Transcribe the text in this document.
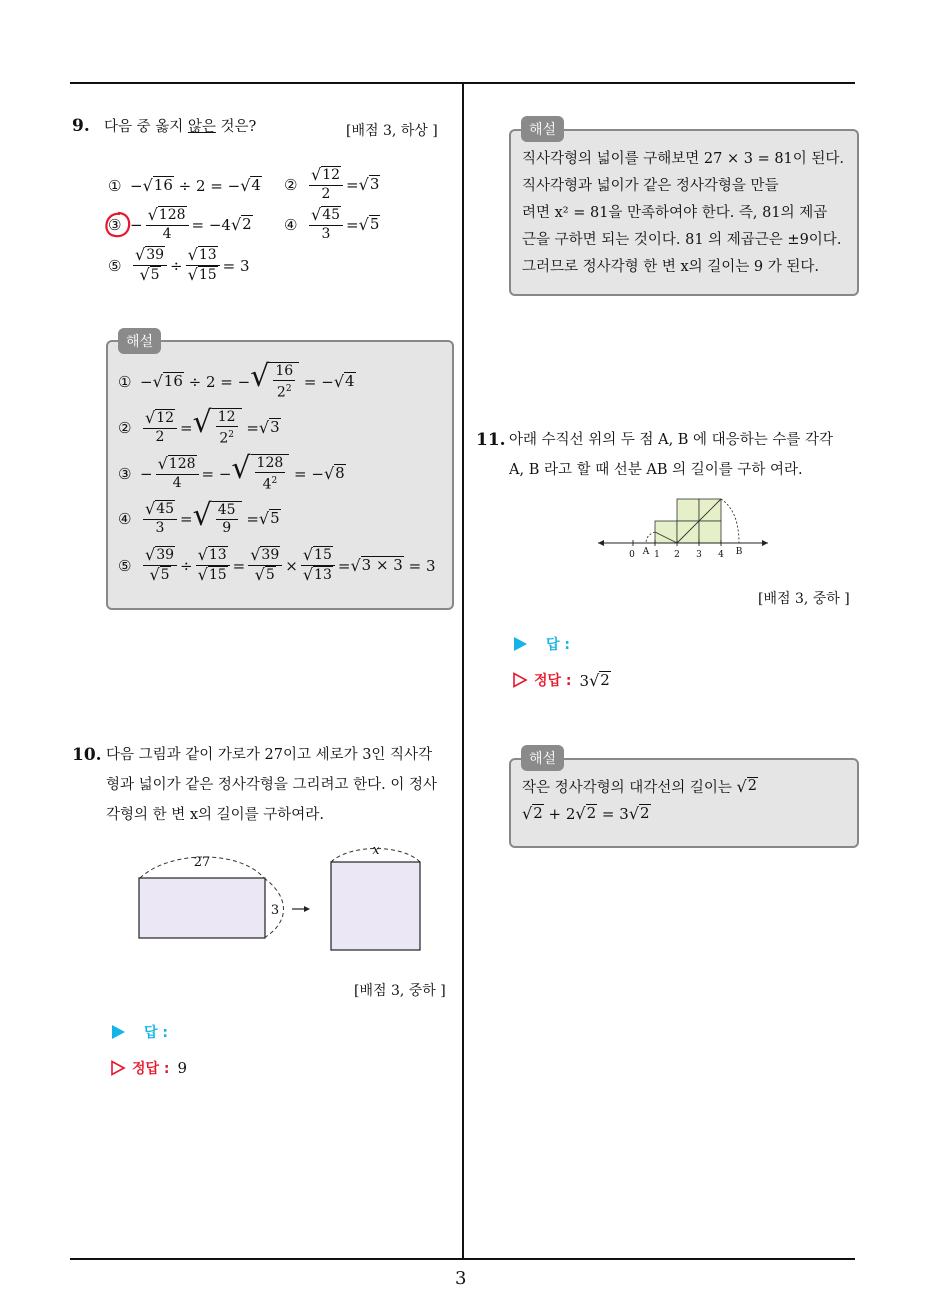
3
9. 다음 중 옳지 않은 것은?	[배점 3, 하상 ]
① − √ 16 ÷ 2 = − √ 4 ② $\frac{√ 12}{2}$ = √ 3
③ − $\frac{√ 128}{4} = -4$ √ 2 ④ $\frac{√ 45}{3}$ = √ 5
⑤ $\frac{√ 39}{√ 5} \div \frac{√ 13}{√ 15} = 3$
해설
① − √ 16 ÷ 2 = − √ $\frac{16}{2^2}$ = − √ 4
② $\frac{√ 12}{2}$ = √ $\frac{12}{2^2}$ = √ 3
③ − $\frac{√ 128}{4}$ = − √ $\frac{128}{4^2}$ = − √ 8
④ $\frac{√ 45}{3}$ = √ $\frac{45}{9}$ = √ 5
⑤ $\frac{√ 39}{√ 5} \div \frac{√ 13}{√ 15} = \frac{√ 39}{√ 5} \times \frac{√ 15}{√ 13}$ = √ 3 × 3 = 3
10. 다음 그림과 같이 가로가 27이고 세로가 3인 직사각
형과 넓이가 같은 정사각형을 그리려고 한다. 이 정사
각형의 한 변 x의 길이를 구하여라.
27
3
x
[배점 3, 중하 ]
답 :
정답 : 9
해설
직사각형의 넓이를 구해보면 27 × 3 = 81이 된다.
직사각형과 넓이가 같은 정사각형을 만들
려면 x² = 81을 만족하여야 한다. 즉, 81의 제곱
근을 구하면 되는 것이다. 81 의 제곱근은 ±9이다.
그러므로 정사각형 한 변 x의 길이는 9 가 된다.
11. 아래 수직선 위의 두 점 A, B 에 대응하는 수를 각각
A, B 라고 할 때 선분 AB 의 길이를 구하 여라.
0 1 2 3 4
A	B
[배점 3, 중하 ]
답 :
정답 : 3 √ 2
해설
작은 정사각형의 대각선의 길이는
√ 2
√ 2 + 2 √ 2 = 3 √ 2
